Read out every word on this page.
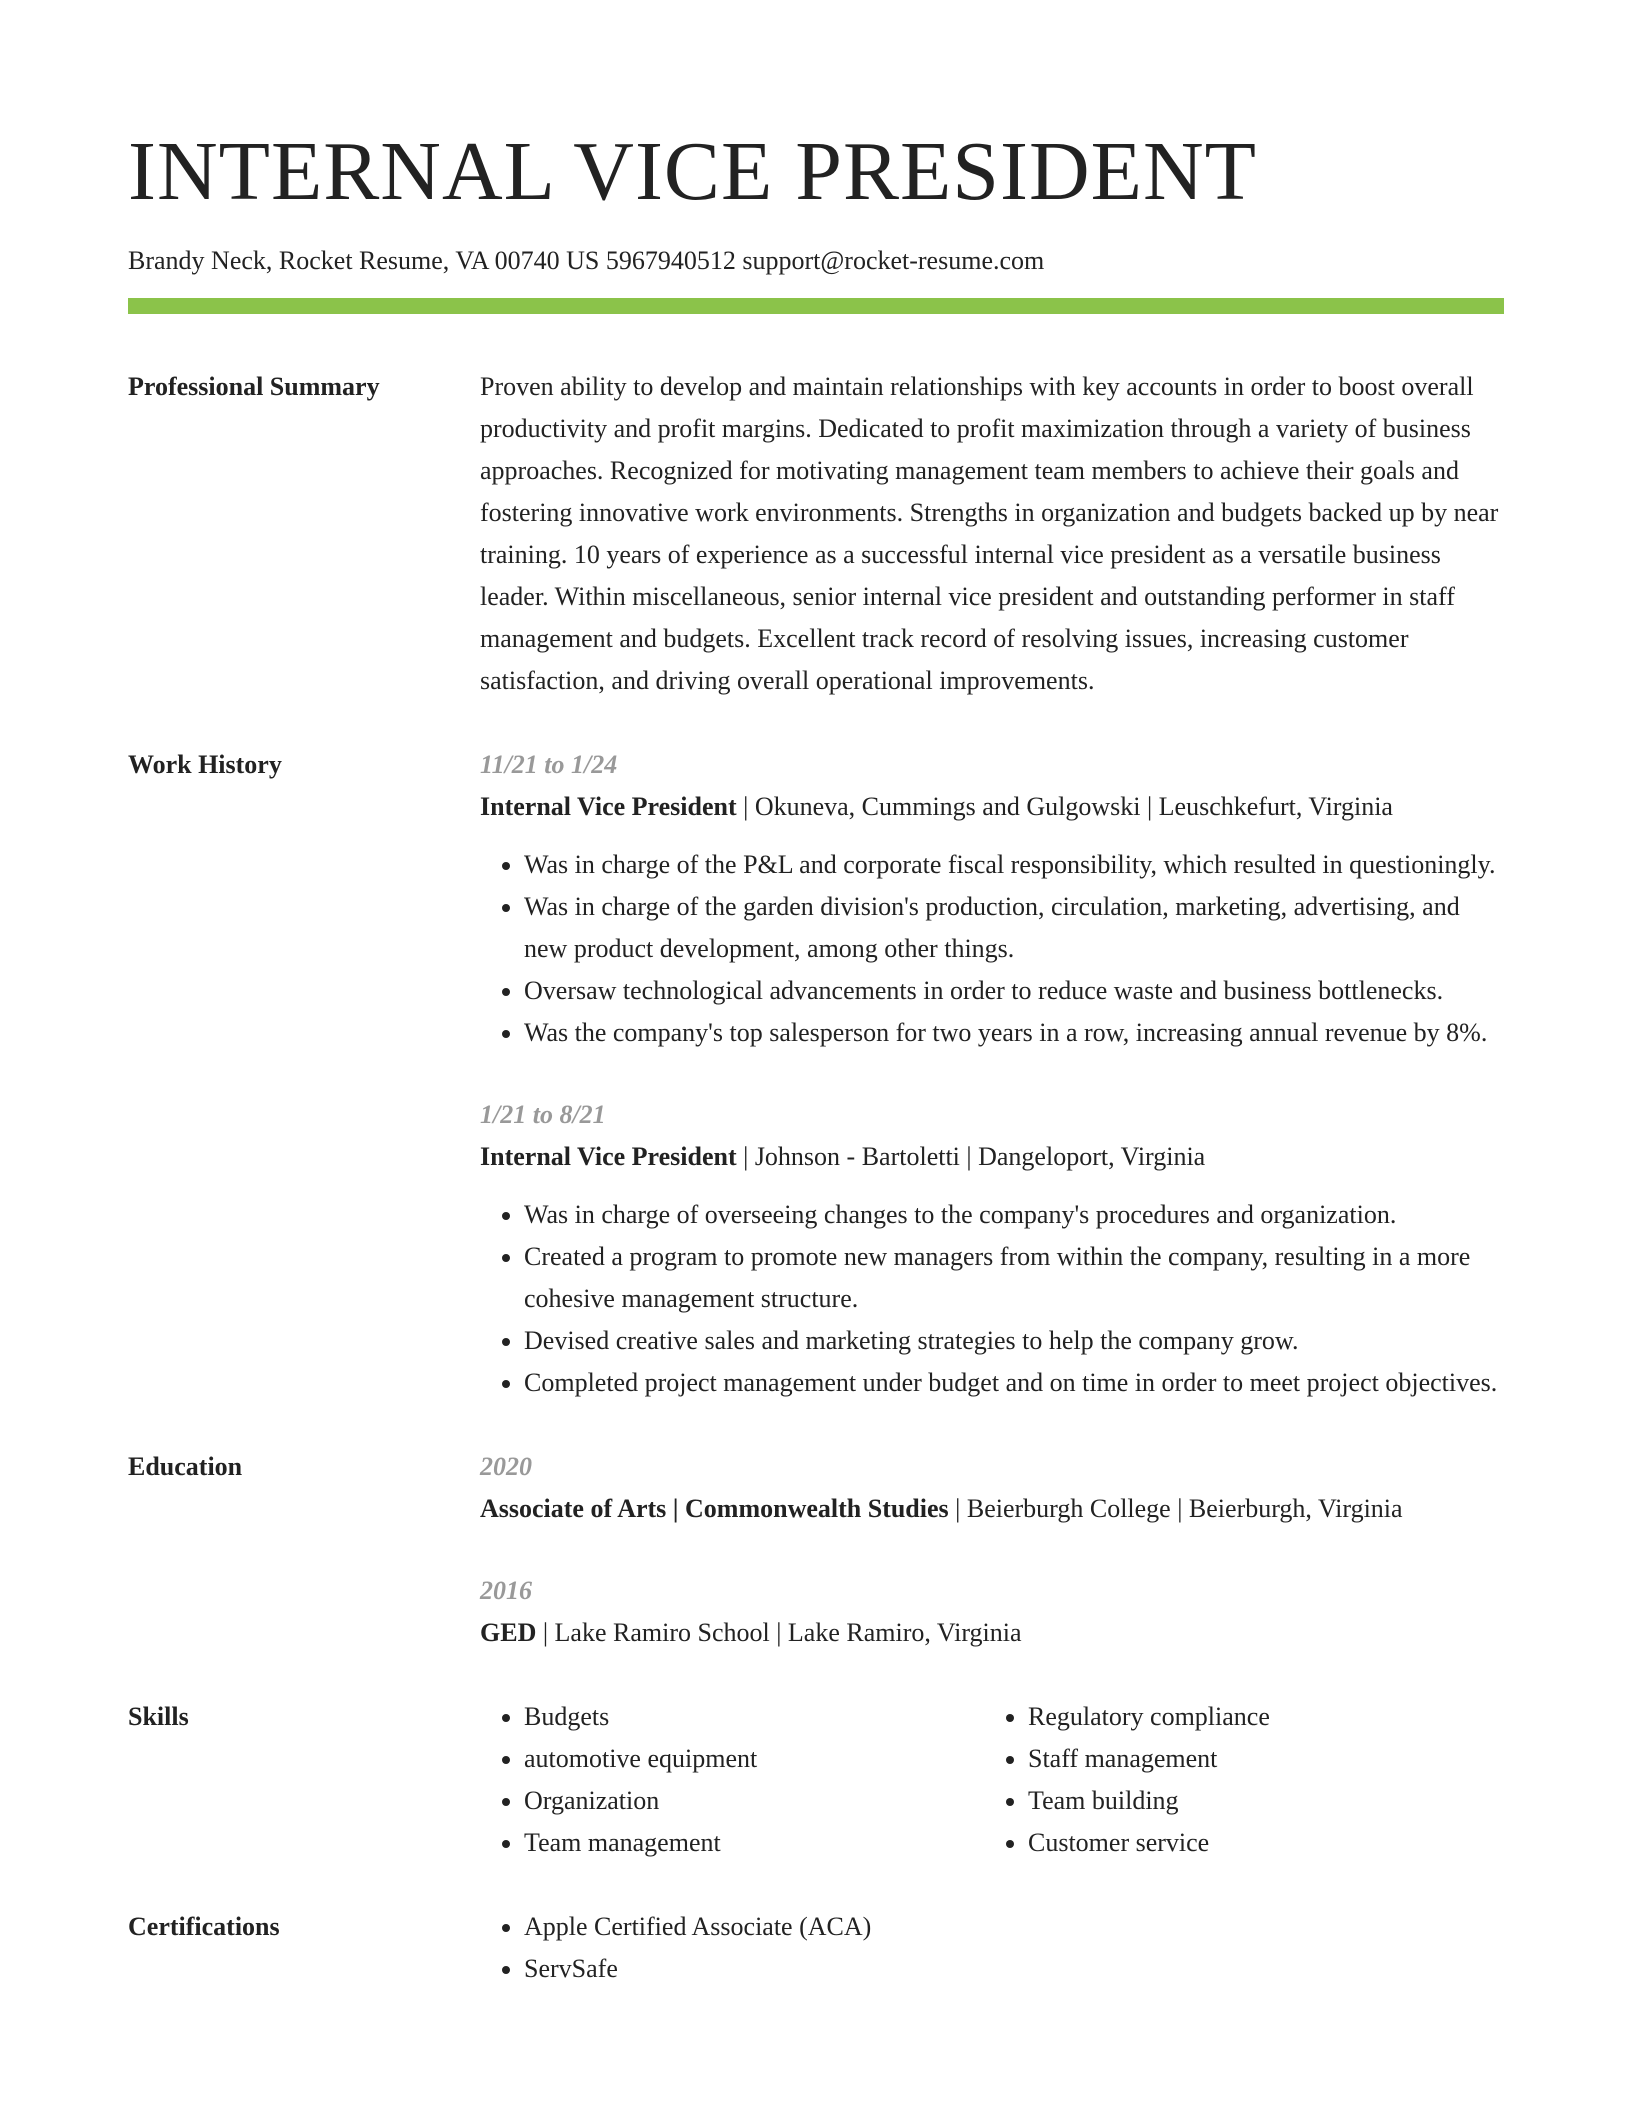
INTERNAL VICE PRESIDENT
Brandy Neck, Rocket Resume, VA 00740 US 5967940512 support@rocket-resume.com
Professional Summary	Proven ability to develop and maintain relationships with key accounts in order to boost overall productivity and profit margins. Dedicated to profit maximization through a variety of business approaches. Recognized for motivating management team members to achieve their goals and fostering innovative work environments. Strengths in organization and budgets backed up by near training. 10 years of experience as a successful internal vice president as a versatile business leader. Within miscellaneous, senior internal vice president and outstanding performer in staff management and budgets. Excellent track record of resolving issues, increasing customer satisfaction, and driving overall operational improvements.

Work History	11/21 to 1/24
Internal Vice President | Okuneva, Cummings and Gulgowski | Leuschkefurt, Virginia
• Was in charge of the P&L and corporate fiscal responsibility, which resulted in questioningly.
• Was in charge of the garden division's production, circulation, marketing, advertising, and new product development, among other things.
• Oversaw technological advancements in order to reduce waste and business bottlenecks.
• Was the company's top salesperson for two years in a row, increasing annual revenue by 8%.
1/21 to 8/21
Internal Vice President | Johnson - Bartoletti | Dangeloport, Virginia
• Was in charge of overseeing changes to the company's procedures and organization.
• Created a program to promote new managers from within the company, resulting in a more cohesive management structure.
• Devised creative sales and marketing strategies to help the company grow.
• Completed project management under budget and on time in order to meet project objectives.
Education	2020
Associate of Arts | Commonwealth Studies | Beierburgh College | Beierburgh, Virginia
2016
GED | Lake Ramiro School | Lake Ramiro, Virginia
Skills	• Budgets
• automotive equipment
• Organization
• Team management
• Regulatory compliance
• Staff management
• Team building
• Customer service
Certifications	• Apple Certified Associate (ACA)
• ServSafe
